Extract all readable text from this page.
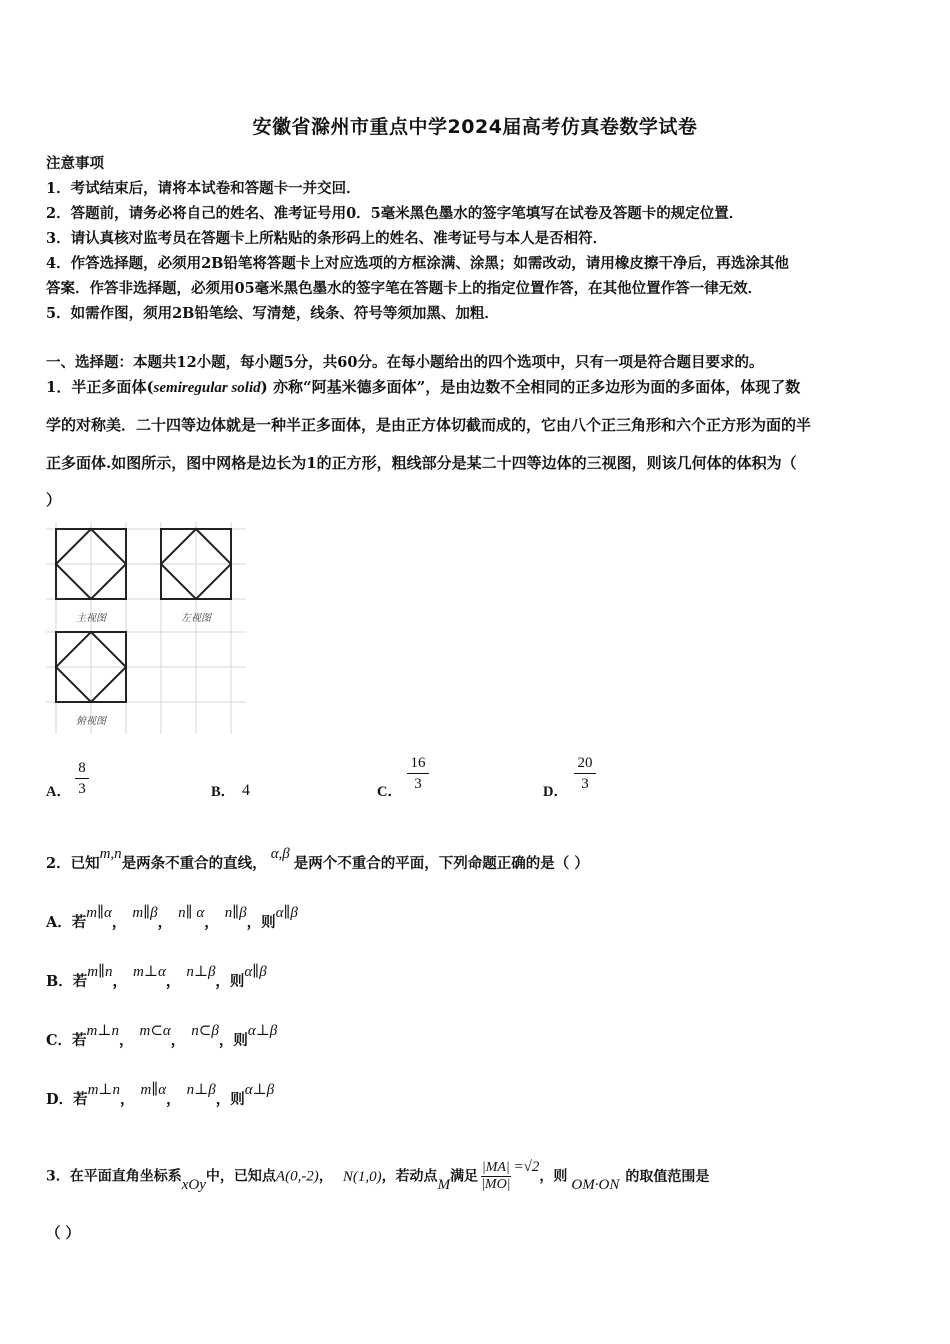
安徽省滁州市重点中学2024届高考仿真卷数学试卷
注意事项
1．考试结束后，请将本试卷和答题卡一并交回．
2．答题前，请务必将自己的姓名、准考证号用0．5毫米黑色墨水的签字笔填写在试卷及答题卡的规定位置．
3．请认真核对监考员在答题卡上所粘贴的条形码上的姓名、准考证号与本人是否相符．
4．作答选择题，必须用2B铅笔将答题卡上对应选项的方框涂满、涂黑；如需改动，请用橡皮擦干净后，再选涂其他
答案．作答非选择题，必须用05毫米黑色墨水的签字笔在答题卡上的指定位置作答，在其他位置作答一律无效．
5．如需作图，须用2B铅笔绘、写清楚，线条、符号等须加黑、加粗．
一、选择题：本题共12小题，每小题5分，共60分。在每小题给出的四个选项中，只有一项是符合题目要求的。
1．半正多面体(semiregular solid) 亦称“阿基米德多面体”，是由边数不全相同的正多边形为面的多面体，体现了数
学的对称美．二十四等边体就是一种半正多面体，是由正方体切截而成的，它由八个正三角形和六个正方形为面的半
正多面体.如图所示，图中网格是边长为1的正方形，粗线部分是某二十四等边体的三视图，则该几何体的体积为（
）
主视图	左视图
俯视图
A． $\frac{8}{3}$	B． 4	C． $\frac{16}{3}$	D． $\frac{20}{3}$
2．已知m,n是两条不重合的直线，α,β是两个不重合的平面，下列命题正确的是（ ）
A．若m∥α，m∥β，n∥ α，n∥β，则α∥β
B．若m∥n，m⊥α，n⊥β，则α∥β
C．若m⊥n，m⊂α，n⊂β，则α⊥β
D．若m⊥n，m∥α，n⊥β，则α⊥β
3．在平面直角坐标系xOy中，已知点A(0,-2)， N(1,0)，若动点M满足 $\frac{|MA|}{|MO|} =√2$，则 OM·ON 的取值范围是
（ ）
